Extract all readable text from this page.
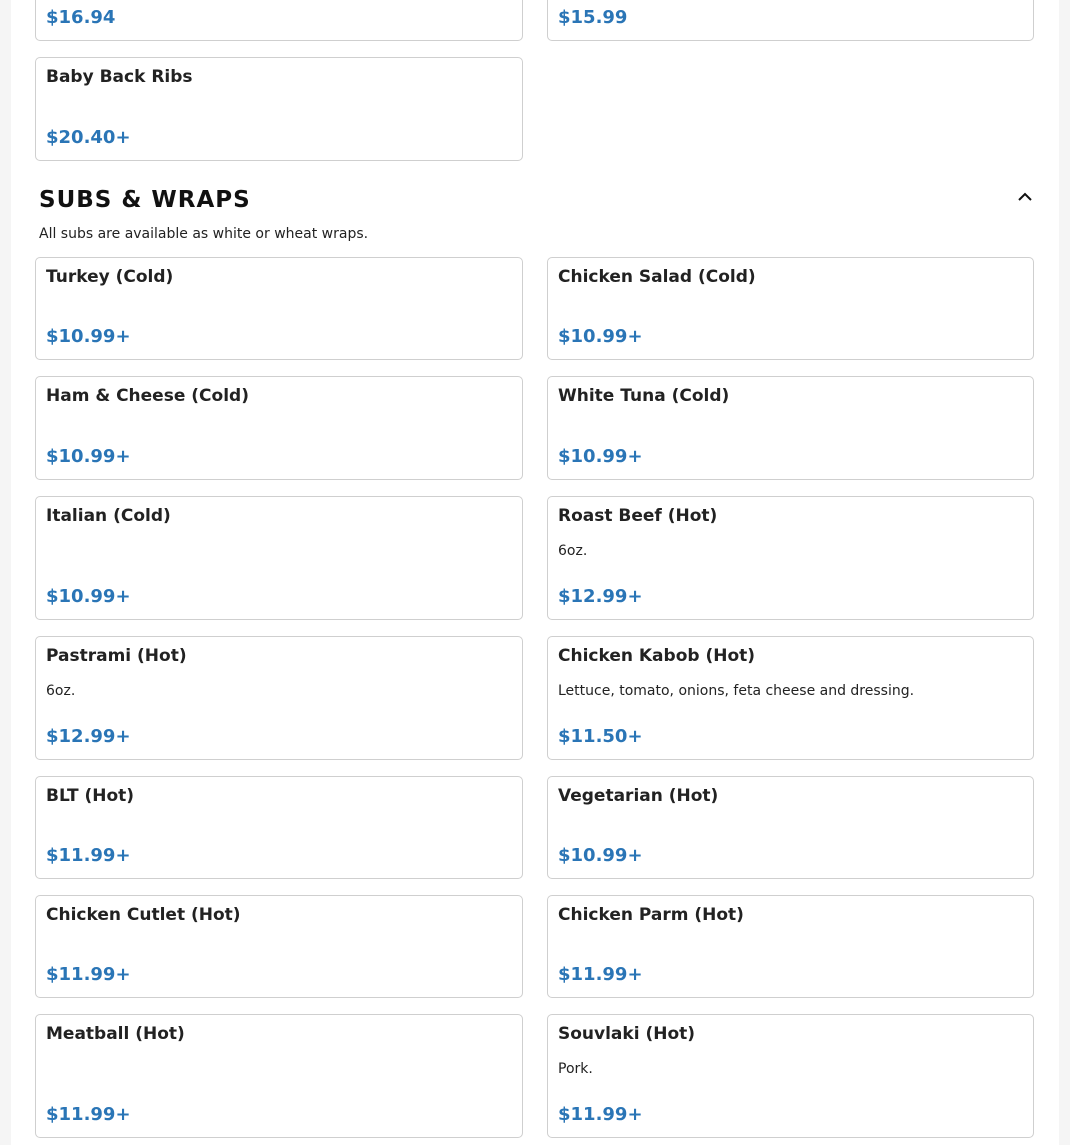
$16.94	$15.99
Baby Back Ribs
$20.40+
SUBS & WRAPS
All subs are available as white or wheat wraps.
Turkey (Cold)
$10.99+
Chicken Salad (Cold)
$10.99+
Ham & Cheese (Cold)
$10.99+
White Tuna (Cold)
$10.99+
Italian (Cold)
$10.99+
Roast Beef (Hot)
6oz.
$12.99+
Pastrami (Hot)
6oz.
$12.99+
Chicken Kabob (Hot)
Lettuce, tomato, onions, feta cheese and dressing.
$11.50+
BLT (Hot)
$11.99+
Vegetarian (Hot)
$10.99+
Chicken Cutlet (Hot)
$11.99+
Chicken Parm (Hot)
$11.99+
Meatball (Hot)
$11.99+
Souvlaki (Hot)
Pork.
$11.99+
